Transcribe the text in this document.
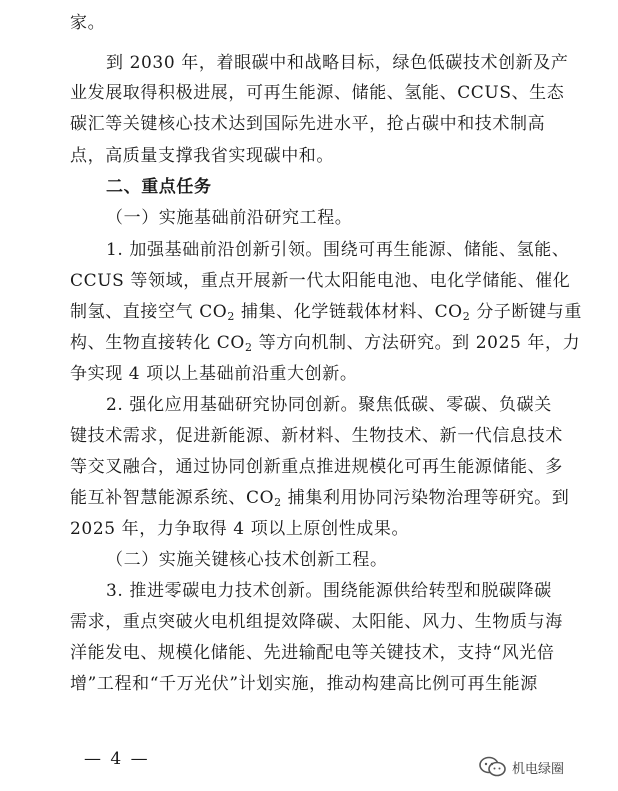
家。
到 2030 年，着眼碳中和战略目标，绿色低碳技术创新及产
业发展取得积极进展，可再生能源、储能、氢能、CCUS、生态
碳汇等关键核心技术达到国际先进水平，抢占碳中和技术制高
点，高质量支撑我省实现碳中和。
二、重点任务
（一）实施基础前沿研究工程。
1. 加强基础前沿创新引领。围绕可再生能源、储能、氢能、
CCUS 等领域，重点开展新一代太阳能电池、电化学储能、催化
制氢、直接空气 $CO_2$ 捕集、化学链载体材料、$CO_2$ 分子断键与重
构、生物直接转化 $CO_2$ 等方向机制、方法研究。到 2025 年，力
争实现 4 项以上基础前沿重大创新。
2. 强化应用基础研究协同创新。聚焦低碳、零碳、负碳关
键技术需求，促进新能源、新材料、生物技术、新一代信息技术
等交叉融合，通过协同创新重点推进规模化可再生能源储能、多
能互补智慧能源系统、$CO_2$ 捕集利用协同污染物治理等研究。到
2025 年，力争取得 4 项以上原创性成果。
（二）实施关键核心技术创新工程。
3. 推进零碳电力技术创新。围绕能源供给转型和脱碳降碳
需求，重点突破火电机组提效降碳、太阳能、风力、生物质与海
洋能发电、规模化储能、先进输配电等关键技术，支持“风光倍
增”工程和“千万光伏”计划实施，推动构建高比例可再生能源
— 4 —	机电绿圈
